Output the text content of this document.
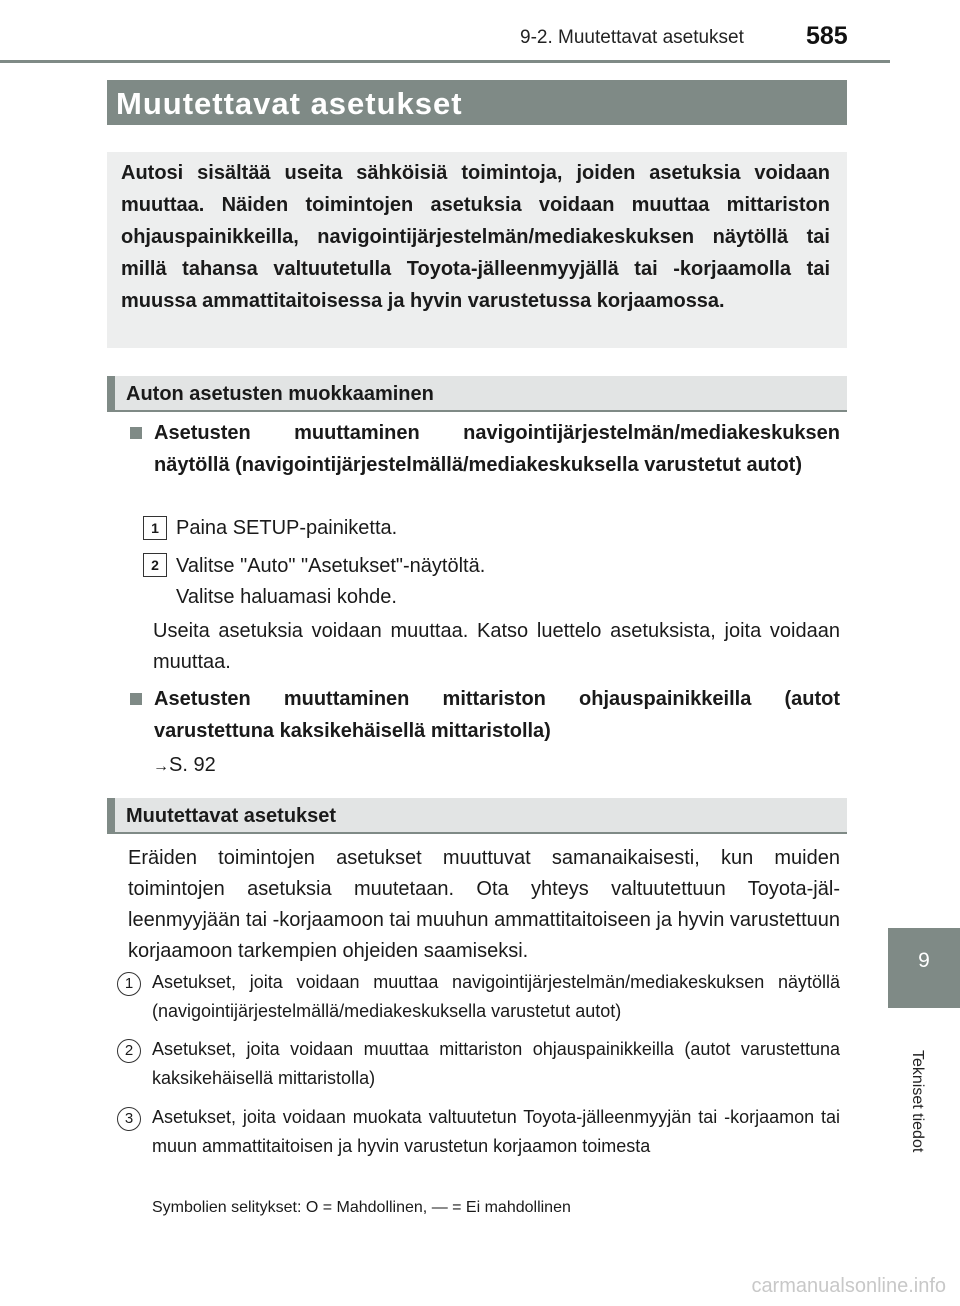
9-2. Muutettavat asetukset 585
9
Tekniset tiedot
Muutettavat asetukset
Autosi sisältää useita sähköisiä toimintoja, joiden asetuksia voidaan muuttaa. Näiden toimintojen asetuksia voidaan muuttaa mittariston ohjauspainikkeilla, navigointijärjestelmän/mediakeskuksen näytöllä tai millä tahansa valtuutetulla Toyota-jälleenmyyjällä tai -korjaamolla tai muussa ammattitaitoisessa ja hyvin varustetussa korjaamossa.
Auton asetusten muokkaaminen
Asetusten muuttaminen navigointijärjestelmän/mediakeskuksen näytöllä (navigointijärjestelmällä/mediakeskuksella varustetut autot)
1 Paina SETUP-painiketta.
2 Valitse "Auto" "Asetukset"-näytöltä.
Valitse haluamasi kohde.
Useita asetuksia voidaan muuttaa. Katso luettelo asetuksista, joita voidaan muuttaa.
Asetusten muuttaminen mittariston ohjauspainikkeilla (autot varustettuna kaksikehäisellä mittaristolla)
→S. 92
Muutettavat asetukset
Eräiden toimintojen asetukset muuttuvat samanaikaisesti, kun muiden toimintojen asetuksia muutetaan. Ota yhteys valtuutettuun Toyota-jälleenmyyjään tai -korjaamoon tai muuhun ammattitaitoiseen ja hyvin varustettuun korjaamoon tarkempien ohjeiden saamiseksi.
1	Asetukset, joita voidaan muuttaa navigointijärjestelmän/mediakeskuksen näytöllä (navigointijärjestelmällä/mediakeskuksella varustetut autot)
2	Asetukset, joita voidaan muuttaa mittariston ohjauspainikkeilla (autot varustettuna kaksikehäisellä mittaristolla)
3	Asetukset, joita voidaan muokata valtuutetun Toyota-jälleenmyyjän tai -korjaamon tai muun ammattitaitoisen ja hyvin varustetun korjaamon toimesta
Symbolien selitykset: O = Mahdollinen, — = Ei mahdollinen
carmanualsonline.info
